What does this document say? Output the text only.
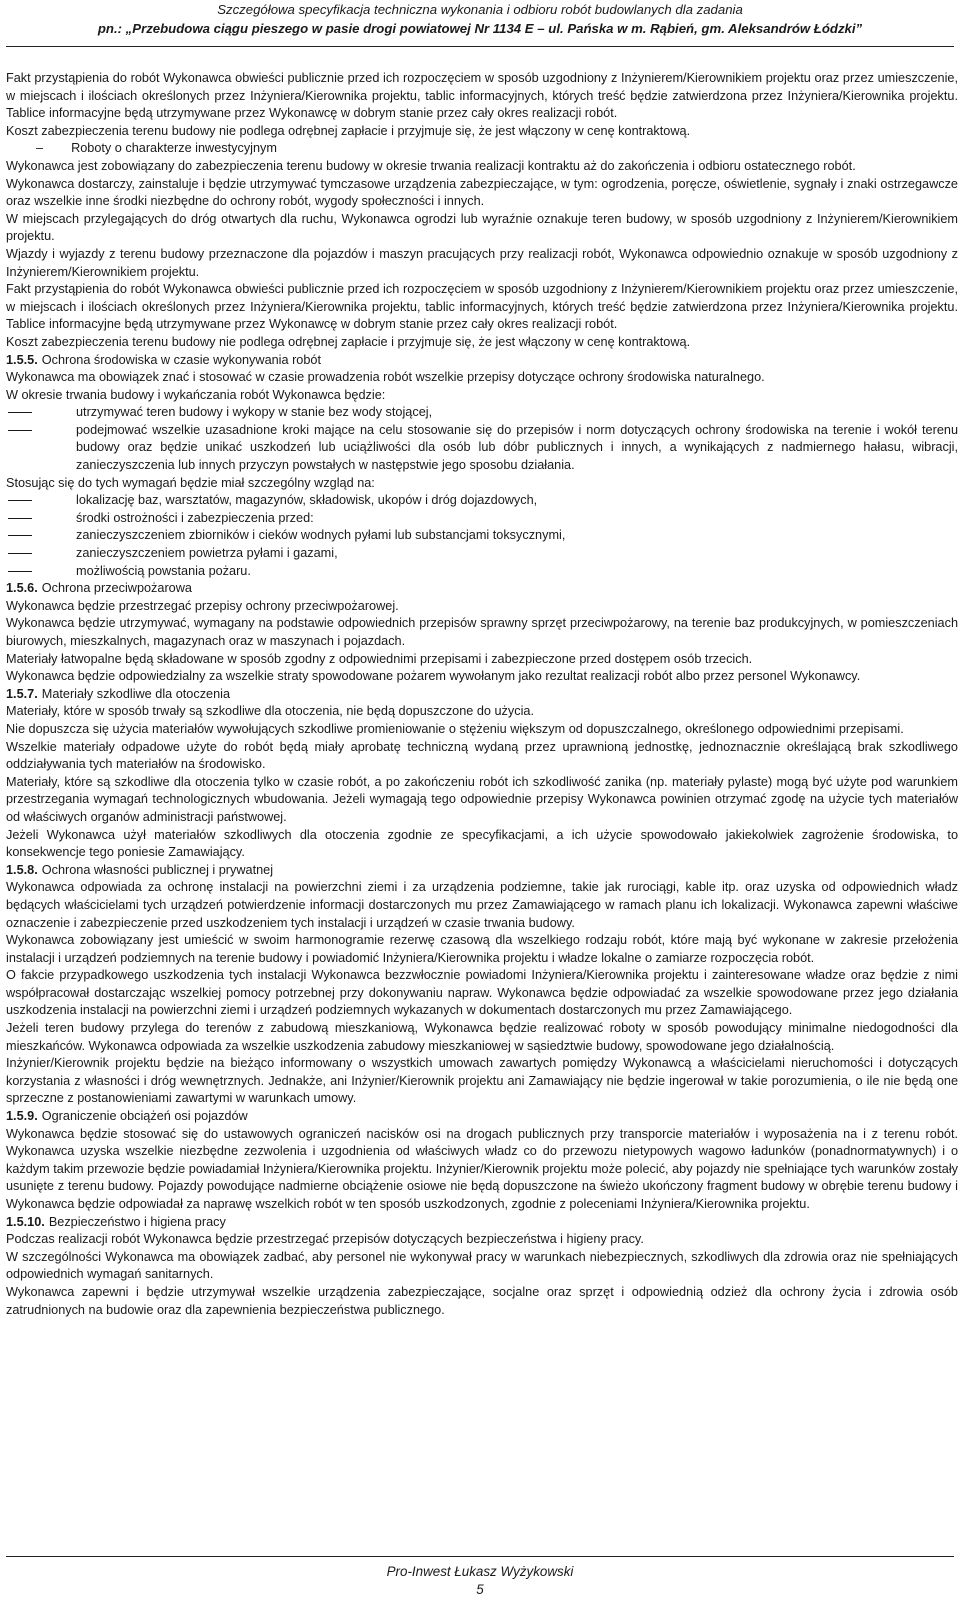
Szczegółowa specyfikacja techniczna wykonania i odbioru robót budowlanych dla zadania
pn.: „Przebudowa ciągu pieszego w pasie drogi powiatowej Nr 1134 E – ul. Pańska w m. Rąbień, gm. Aleksandrów Łódzki”

Fakt przystąpienia do robót Wykonawca obwieści publicznie przed ich rozpoczęciem w sposób uzgodniony z Inżynierem/Kierownikiem projektu oraz przez umieszczenie, w miejscach i ilościach określonych przez Inżyniera/Kierownika projektu, tablic informacyjnych, których treść będzie zatwierdzona przez Inżyniera/Kierownika projektu. Tablice informacyjne będą utrzymywane przez Wykonawcę w dobrym stanie przez cały okres realizacji robót.

Koszt zabezpieczenia terenu budowy nie podlega odrębnej zapłacie i przyjmuje się, że jest włączony w cenę kontraktową.

– Roboty o charakterze inwestycyjnym

Wykonawca jest zobowiązany do zabezpieczenia terenu budowy w okresie trwania realizacji kontraktu aż do zakończenia i odbioru ostatecznego robót.

Wykonawca dostarczy, zainstaluje i będzie utrzymywać tymczasowe urządzenia zabezpieczające, w tym: ogrodzenia, poręcze, oświetlenie, sygnały i znaki ostrzegawcze oraz wszelkie inne środki niezbędne do ochrony robót, wygody społeczności i innych.

W miejscach przylegających do dróg otwartych dla ruchu, Wykonawca ogrodzi lub wyraźnie oznakuje teren budowy, w sposób uzgodniony z Inżynierem/Kierownikiem projektu.

Wjazdy i wyjazdy z terenu budowy przeznaczone dla pojazdów i maszyn pracujących przy realizacji robót, Wykonawca odpowiednio oznakuje w sposób uzgodniony z Inżynierem/Kierownikiem projektu.

Fakt przystąpienia do robót Wykonawca obwieści publicznie przed ich rozpoczęciem w sposób uzgodniony z Inżynierem/Kierownikiem projektu oraz przez umieszczenie, w miejscach i ilościach określonych przez Inżyniera/Kierownika projektu, tablic informacyjnych, których treść będzie zatwierdzona przez Inżyniera/Kierownika projektu. Tablice informacyjne będą utrzymywane przez Wykonawcę w dobrym stanie przez cały okres realizacji robót.

Koszt zabezpieczenia terenu budowy nie podlega odrębnej zapłacie i przyjmuje się, że jest włączony w cenę kontraktową.

1.5.5. Ochrona środowiska w czasie wykonywania robót

Wykonawca ma obowiązek znać i stosować w czasie prowadzenia robót wszelkie przepisy dotyczące ochrony środowiska naturalnego.

W okresie trwania budowy i wykańczania robót Wykonawca będzie:

utrzymywać teren budowy i wykopy w stanie bez wody stojącej,
podejmować wszelkie uzasadnione kroki mające na celu stosowanie się do przepisów i norm dotyczących ochrony środowiska na terenie i wokół terenu budowy oraz będzie unikać uszkodzeń lub uciążliwości dla osób lub dóbr publicznych i innych, a wynikających z nadmiernego hałasu, wibracji, zanieczyszczenia lub innych przyczyn powstałych w następstwie jego sposobu działania.

Stosując się do tych wymagań będzie miał szczególny wzgląd na:

lokalizację baz, warsztatów, magazynów, składowisk, ukopów i dróg dojazdowych,
środki ostrożności i zabezpieczenia przed:
zanieczyszczeniem zbiorników i cieków wodnych pyłami lub substancjami toksycznymi,
zanieczyszczeniem powietrza pyłami i gazami,
możliwością powstania pożaru.
1.5.6. Ochrona przeciwpożarowa

Wykonawca będzie przestrzegać przepisy ochrony przeciwpożarowej.

Wykonawca będzie utrzymywać, wymagany na podstawie odpowiednich przepisów sprawny sprzęt przeciwpożarowy, na terenie baz produkcyjnych, w pomieszczeniach biurowych, mieszkalnych, magazynach oraz w maszynach i pojazdach.

Materiały łatwopalne będą składowane w sposób zgodny z odpowiednimi przepisami i zabezpieczone przed dostępem osób trzecich.

Wykonawca będzie odpowiedzialny za wszelkie straty spowodowane pożarem wywołanym jako rezultat realizacji robót albo przez personel Wykonawcy.

1.5.7. Materiały szkodliwe dla otoczenia

Materiały, które w sposób trwały są szkodliwe dla otoczenia, nie będą dopuszczone do użycia.

Nie dopuszcza się użycia materiałów wywołujących szkodliwe promieniowanie o stężeniu większym od dopuszczalnego, określonego odpowiednimi przepisami.

Wszelkie materiały odpadowe użyte do robót będą miały aprobatę techniczną wydaną przez uprawnioną jednostkę, jednoznacznie określającą brak szkodliwego oddziaływania tych materiałów na środowisko.

Materiały, które są szkodliwe dla otoczenia tylko w czasie robót, a po zakończeniu robót ich szkodliwość zanika (np. materiały pylaste) mogą być użyte pod warunkiem przestrzegania wymagań technologicznych wbudowania. Jeżeli wymagają tego odpowiednie przepisy Wykonawca powinien otrzymać zgodę na użycie tych materiałów od właściwych organów administracji państwowej.

Jeżeli Wykonawca użył materiałów szkodliwych dla otoczenia zgodnie ze specyfikacjami, a ich użycie spowodowało jakiekolwiek zagrożenie środowiska, to konsekwencje tego poniesie Zamawiający.

1.5.8. Ochrona własności publicznej i prywatnej

Wykonawca odpowiada za ochronę instalacji na powierzchni ziemi i za urządzenia podziemne, takie jak rurociągi, kable itp. oraz uzyska od odpowiednich władz będących właścicielami tych urządzeń potwierdzenie informacji dostarczonych mu przez Zamawiającego w ramach planu ich lokalizacji. Wykonawca zapewni właściwe oznaczenie i zabezpieczenie przed uszkodzeniem tych instalacji i urządzeń w czasie trwania budowy.

Wykonawca zobowiązany jest umieścić w swoim harmonogramie rezerwę czasową dla wszelkiego rodzaju robót, które mają być wykonane w zakresie przełożenia instalacji i urządzeń podziemnych na terenie budowy i powiadomić Inżyniera/Kierownika projektu i władze lokalne o zamiarze rozpoczęcia robót.

O fakcie przypadkowego uszkodzenia tych instalacji Wykonawca bezzwłocznie powiadomi Inżyniera/Kierownika projektu i zainteresowane władze oraz będzie z nimi współpracował dostarczając wszelkiej pomocy potrzebnej przy dokonywaniu napraw. Wykonawca będzie odpowiadać za wszelkie spowodowane przez jego działania uszkodzenia instalacji na powierzchni ziemi i urządzeń podziemnych wykazanych w dokumentach dostarczonych mu przez Zamawiającego.

Jeżeli teren budowy przylega do terenów z zabudową mieszkaniową, Wykonawca będzie realizować roboty w sposób powodujący minimalne niedogodności dla mieszkańców. Wykonawca odpowiada za wszelkie uszkodzenia zabudowy mieszkaniowej w sąsiedztwie budowy, spowodowane jego działalnością.

Inżynier/Kierownik projektu będzie na bieżąco informowany o wszystkich umowach zawartych pomiędzy Wykonawcą a właścicielami nieruchomości i dotyczących korzystania z własności i dróg wewnętrznych. Jednakże, ani Inżynier/Kierownik projektu ani Zamawiający nie będzie ingerował w takie porozumienia, o ile nie będą one sprzeczne z postanowieniami zawartymi w warunkach umowy.

1.5.9. Ograniczenie obciążeń osi pojazdów

Wykonawca będzie stosować się do ustawowych ograniczeń nacisków osi na drogach publicznych przy transporcie materiałów i wyposażenia na i z terenu robót. Wykonawca uzyska wszelkie niezbędne zezwolenia i uzgodnienia od właściwych władz co do przewozu nietypowych wagowo ładunków (ponadnormatywnych) i o każdym takim przewozie będzie powiadamiał Inżyniera/Kierownika projektu. Inżynier/Kierownik projektu może polecić, aby pojazdy nie spełniające tych warunków zostały usunięte z terenu budowy. Pojazdy powodujące nadmierne obciążenie osiowe nie będą dopuszczone na świeżo ukończony fragment budowy w obrębie terenu budowy i Wykonawca będzie odpowiadał za naprawę wszelkich robót w ten sposób uszkodzonych, zgodnie z poleceniami Inżyniera/Kierownika projektu.

1.5.10. Bezpieczeństwo i higiena pracy

Podczas realizacji robót Wykonawca będzie przestrzegać przepisów dotyczących bezpieczeństwa i higieny pracy.

W szczególności Wykonawca ma obowiązek zadbać, aby personel nie wykonywał pracy w warunkach niebezpiecznych, szkodliwych dla zdrowia oraz nie spełniających odpowiednich wymagań sanitarnych.

Wykonawca zapewni i będzie utrzymywał wszelkie urządzenia zabezpieczające, socjalne oraz sprzęt i odpowiednią odzież dla ochrony życia i zdrowia osób zatrudnionych na budowie oraz dla zapewnienia bezpieczeństwa publicznego.

Pro-Inwest Łukasz Wyżykowski
5
